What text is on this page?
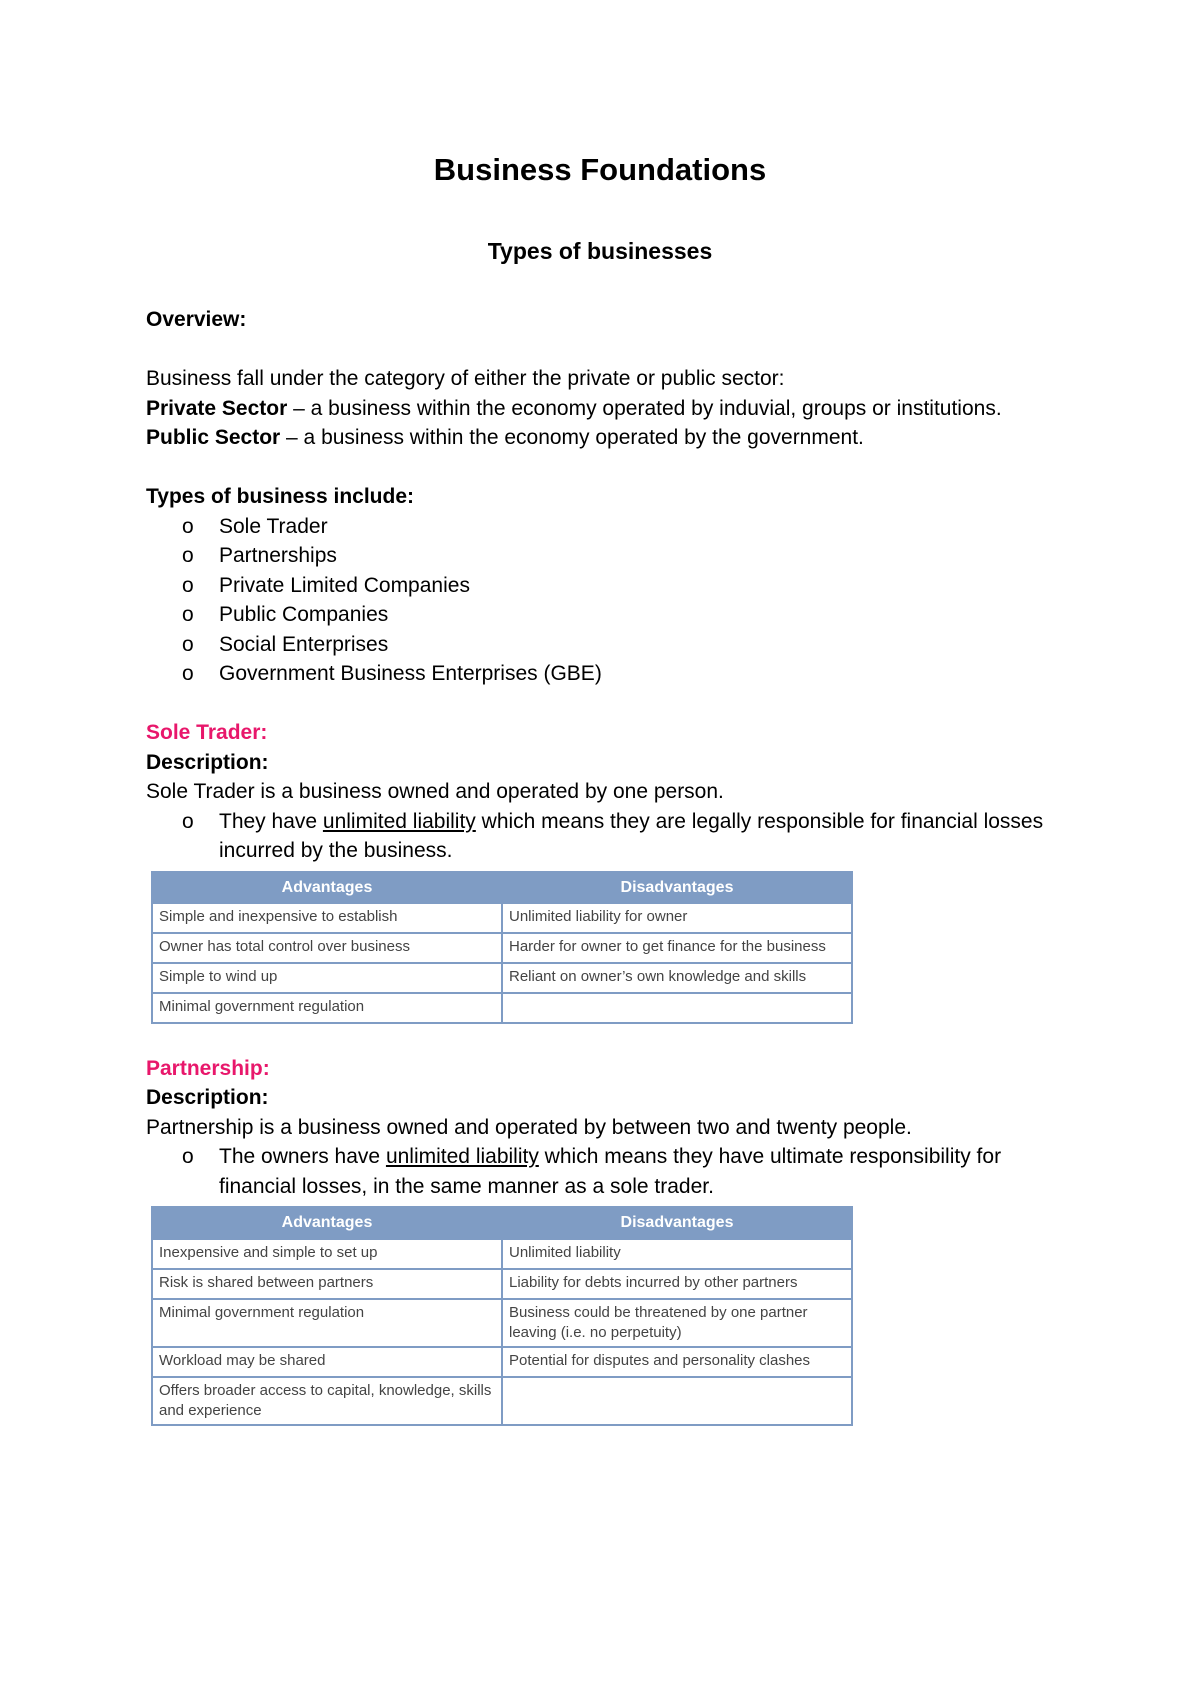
Business Foundations
Types of businesses

Overview:

Business fall under the category of either the private or public sector:

Private Sector – a business within the economy operated by induvial, groups or institutions.

Public Sector – a business within the economy operated by the government.

Types of business include:

o Sole Trader
o Partnerships
o Private Limited Companies
o Public Companies
o Social Enterprises
o Government Business Enterprises (GBE)

Sole Trader:

Description:

Sole Trader is a business owned and operated by one person.

o They have unlimited liability which means they are legally responsible for financial losses incurred by the business.
Advantages	Disadvantages
Simple and inexpensive to establish	Unlimited liability for owner
Owner has total control over business	Harder for owner to get finance for the business
Simple to wind up	Reliant on owner’s own knowledge and skills
Minimal government regulation	

Partnership:

Description:

Partnership is a business owned and operated by between two and twenty people.

o The owners have unlimited liability which means they have ultimate responsibility for financial losses, in the same manner as a sole trader.
Advantages	Disadvantages
Inexpensive and simple to set up	Unlimited liability
Risk is shared between partners	Liability for debts incurred by other partners
Minimal government regulation	Business could be threatened by one partner leaving (i.e. no perpetuity)
Workload may be shared	Potential for disputes and personality clashes
Offers broader access to capital, knowledge, skills and experience	
